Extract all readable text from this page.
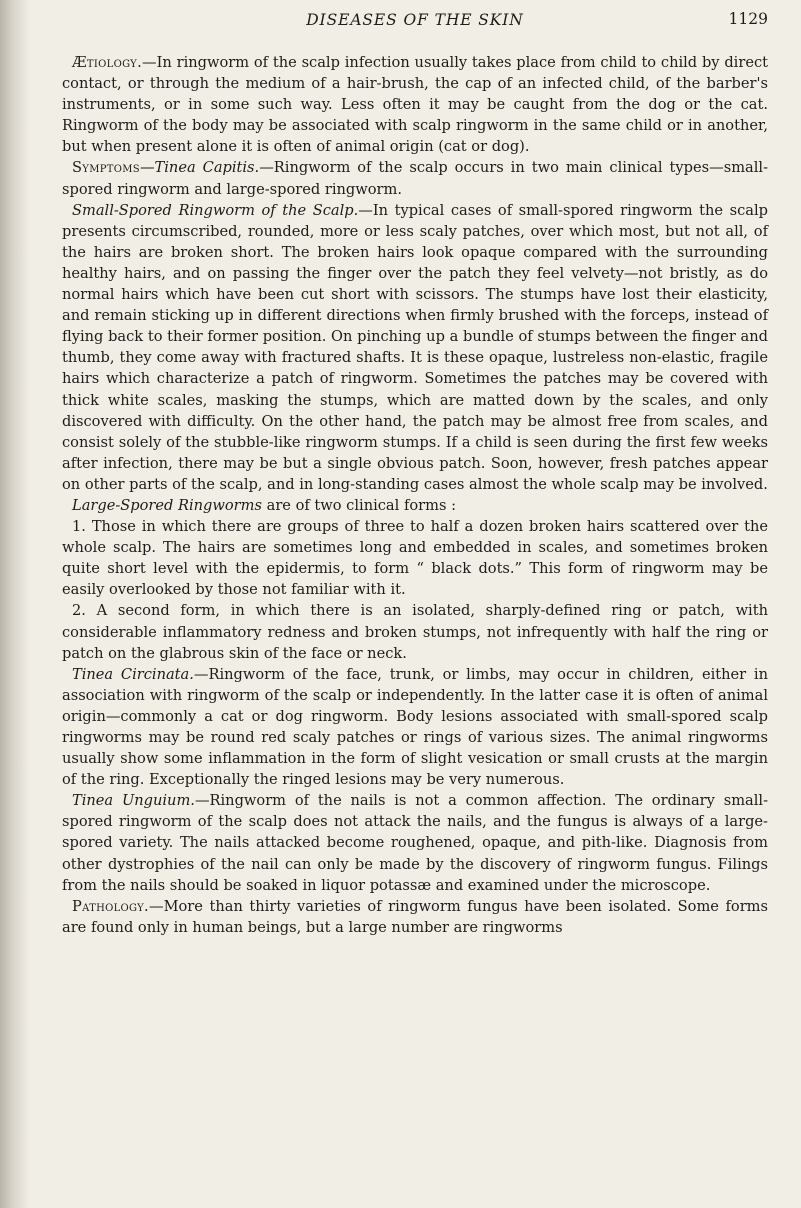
DISEASES OF THE SKIN	1129

Ætiology.—In ringworm of the scalp infection usually takes place from child to child by direct contact, or through the medium of a hair-brush, the cap of an infected child, of the barber's instruments, or in some such way. Less often it may be caught from the dog or the cat. Ringworm of the body may be associated with scalp ringworm in the same child or in another, but when present alone it is often of animal origin (cat or dog).

Symptoms—Tinea Capitis.—Ringworm of the scalp occurs in two main clinical types—small-spored ringworm and large-spored ringworm.

Small-Spored Ringworm of the Scalp.—In typical cases of small-spored ringworm the scalp presents circumscribed, rounded, more or less scaly patches, over which most, but not all, of the hairs are broken short. The broken hairs look opaque compared with the surrounding healthy hairs, and on passing the finger over the patch they feel velvety—not bristly, as do normal hairs which have been cut short with scissors. The stumps have lost their elasticity, and remain sticking up in different directions when firmly brushed with the forceps, instead of flying back to their former position. On pinching up a bundle of stumps between the finger and thumb, they come away with fractured shafts. It is these opaque, lustreless non-elastic, fragile hairs which characterize a patch of ringworm. Sometimes the patches may be covered with thick white scales, masking the stumps, which are matted down by the scales, and only discovered with difficulty. On the other hand, the patch may be almost free from scales, and consist solely of the stubble-like ringworm stumps. If a child is seen during the first few weeks after infection, there may be but a single obvious patch. Soon, however, fresh patches appear on other parts of the scalp, and in long-standing cases almost the whole scalp may be involved.

Large-Spored Ringworms are of two clinical forms :

1. Those in which there are groups of three to half a dozen broken hairs scattered over the whole scalp. The hairs are sometimes long and embedded in scales, and sometimes broken quite short level with the epidermis, to form “ black dots.” This form of ringworm may be easily overlooked by those not familiar with it.

2. A second form, in which there is an isolated, sharply-defined ring or patch, with considerable inflammatory redness and broken stumps, not infrequently with half the ring or patch on the glabrous skin of the face or neck.

Tinea Circinata.—Ringworm of the face, trunk, or limbs, may occur in children, either in association with ringworm of the scalp or independently. In the latter case it is often of animal origin—commonly a cat or dog ringworm. Body lesions associated with small-spored scalp ringworms may be round red scaly patches or rings of various sizes. The animal ringworms usually show some inflammation in the form of slight vesication or small crusts at the margin of the ring. Exceptionally the ringed lesions may be very numerous.

Tinea Unguium.—Ringworm of the nails is not a common affection. The ordinary small-spored ringworm of the scalp does not attack the nails, and the fungus is always of a large-spored variety. The nails attacked become roughened, opaque, and pith-like. Diagnosis from other dystrophies of the nail can only be made by the discovery of ringworm fungus. Filings from the nails should be soaked in liquor potassæ and examined under the microscope.

Pathology.—More than thirty varieties of ringworm fungus have been isolated. Some forms are found only in human beings, but a large number are ringworms
